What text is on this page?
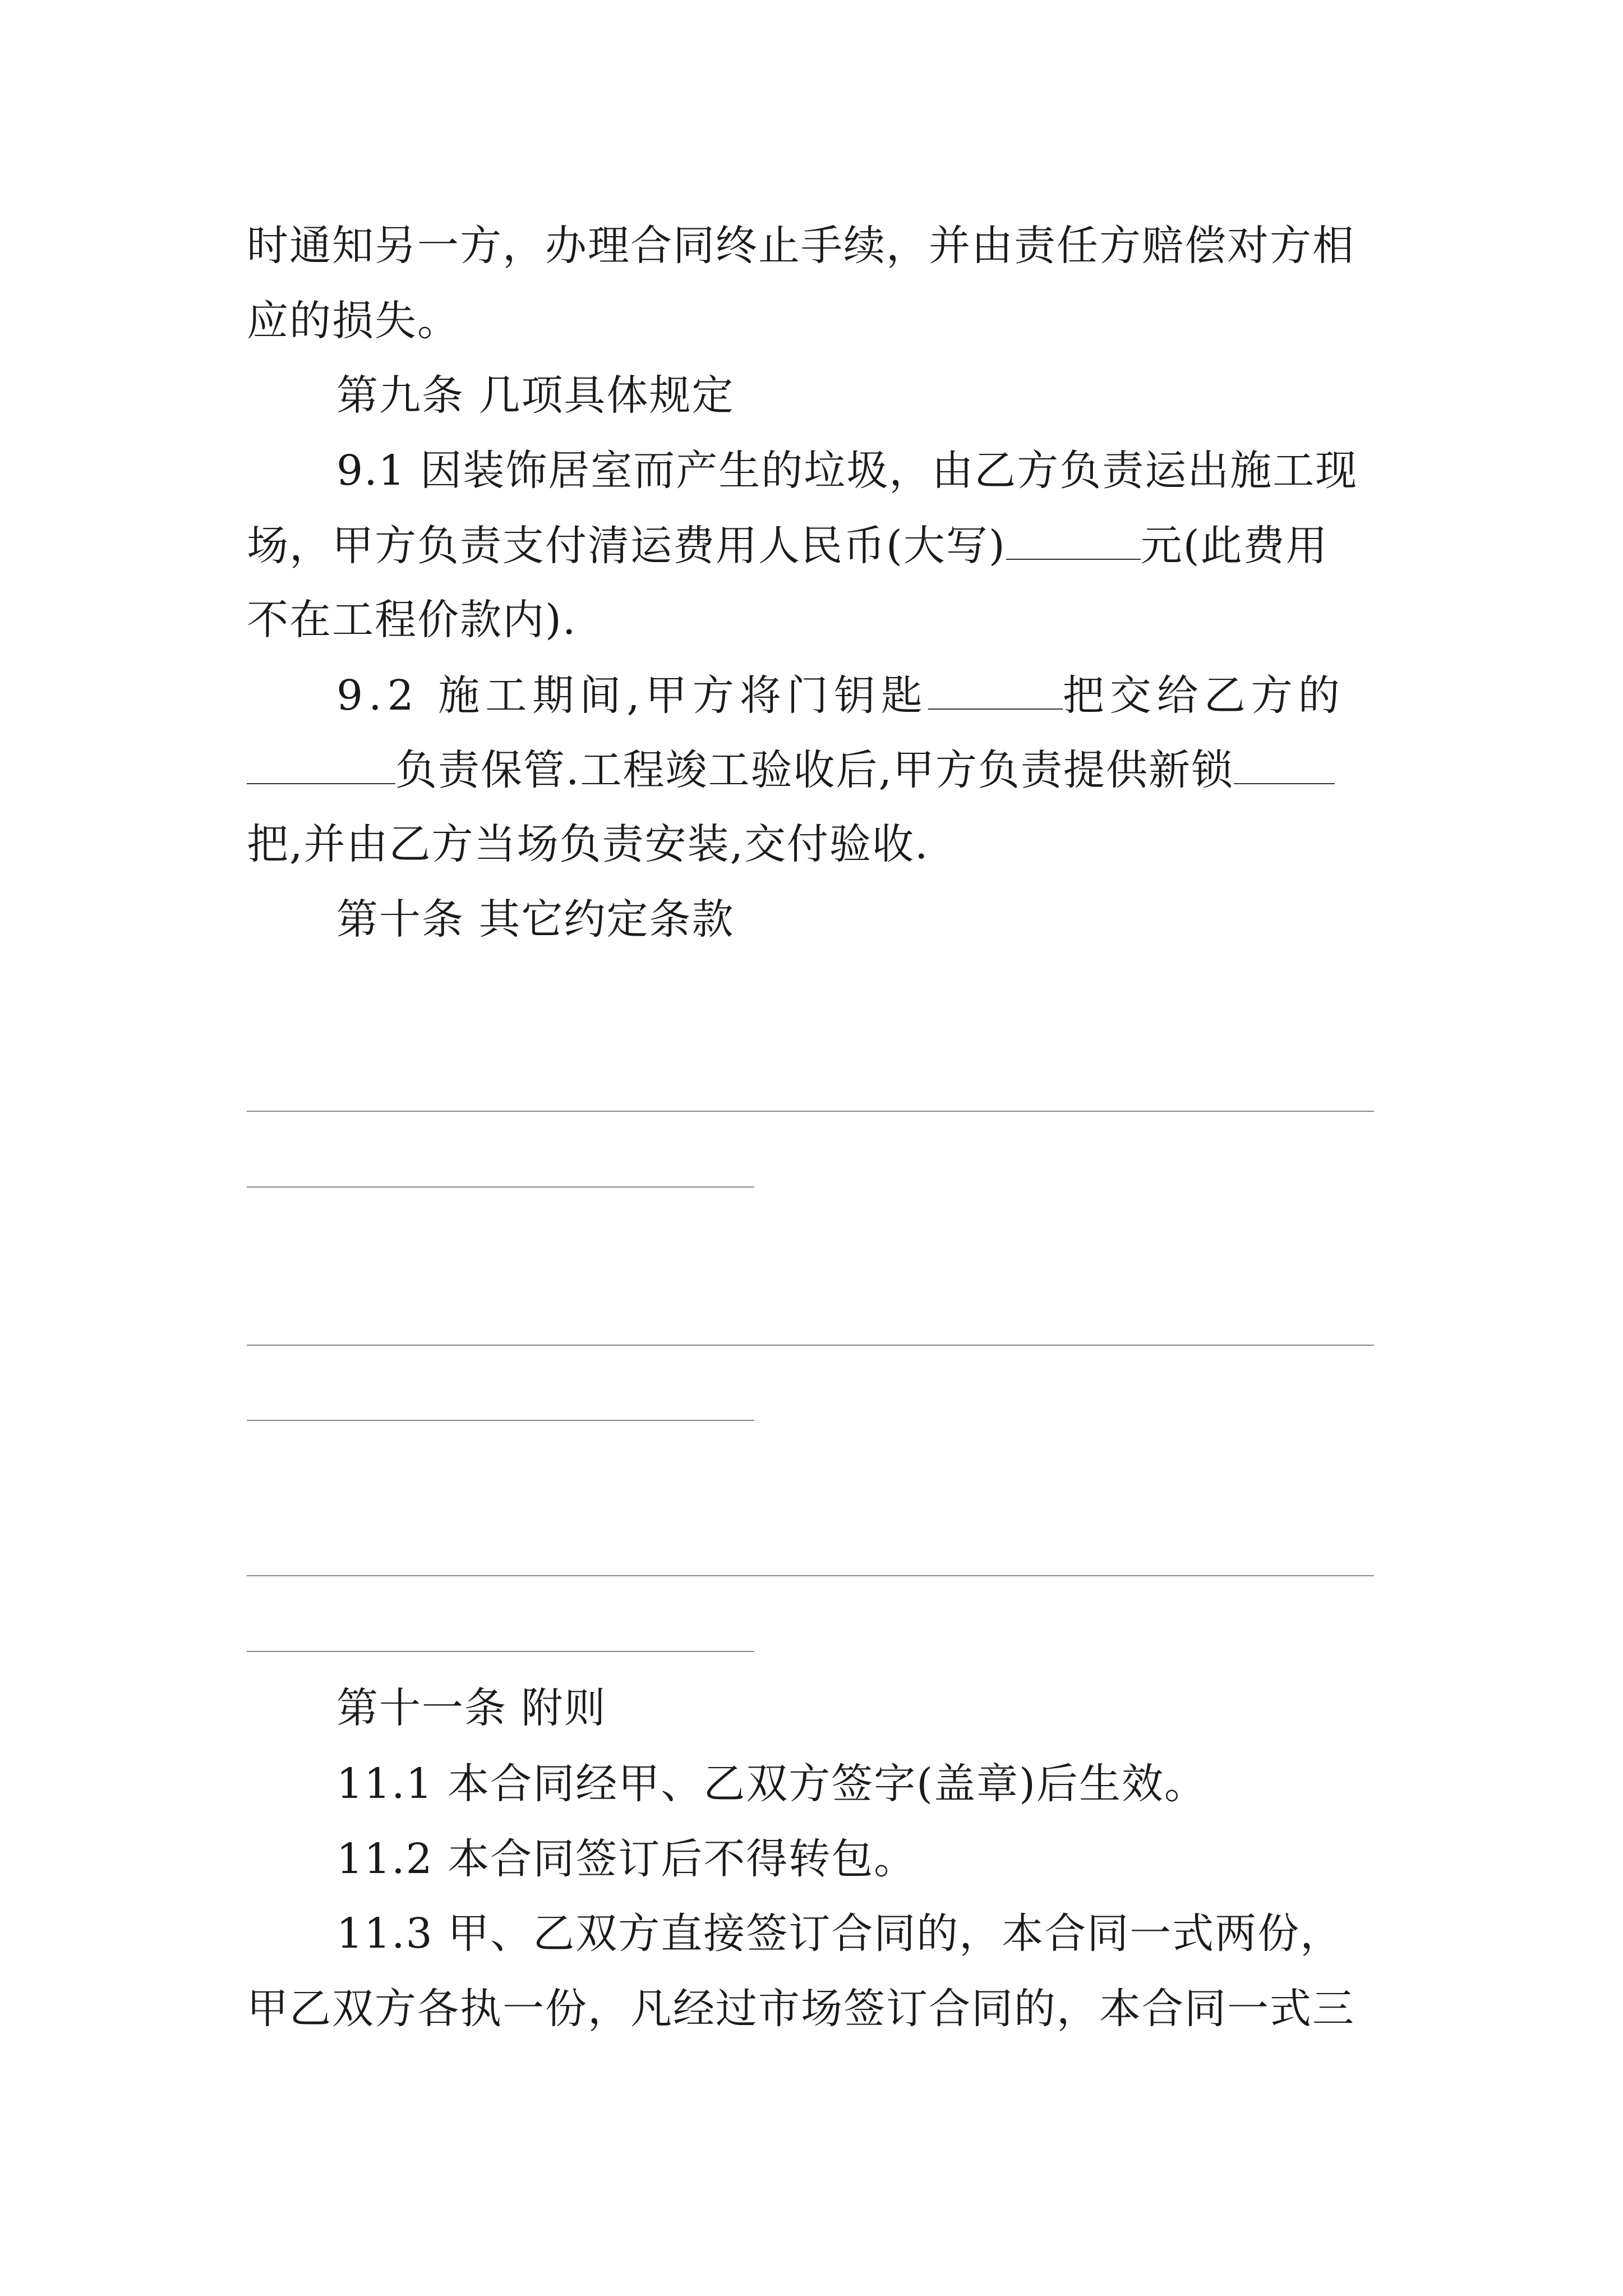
时通知另一方，办理合同终止手续，并由责任方赔偿对方相
应的损失。
第九条 几项具体规定
9.1 因装饰居室而产生的垃圾，由乙方负责运出施工现
场，甲方负责支付清运费用人民币(大写)	元(此费用
不在工程价款内).
9.2 施工期间,甲方将门钥匙	把交给乙方的
负责保管.工程竣工验收后,甲方负责提供新锁
把,并由乙方当场负责安装,交付验收.
第十条 其它约定条款
第十一条 附则
11.1 本合同经甲、乙双方签字(盖章)后生效。
11.2 本合同签订后不得转包。
11.3 甲、乙双方直接签订合同的，本合同一式两份，
甲乙双方各执一份，凡经过市场签订合同的，本合同一式三
